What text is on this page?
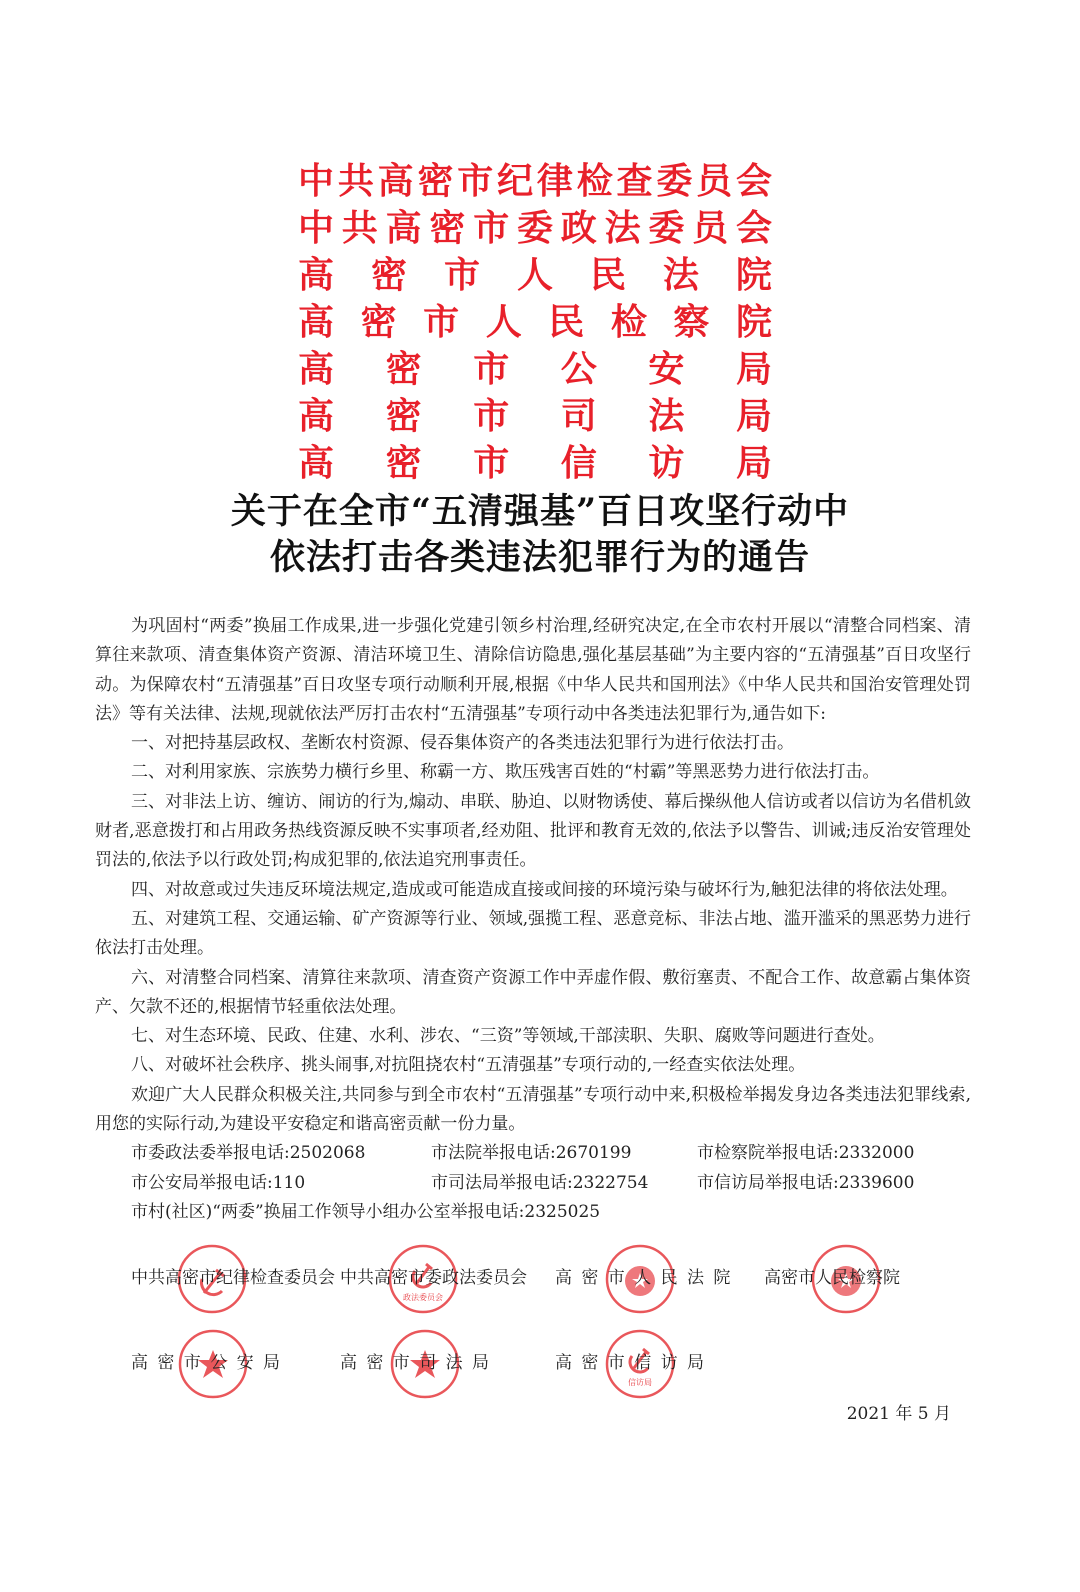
中 共 高 密 市 纪 律 检 查 委 员 会
中 共 高 密 市 委 政 法 委 员 会
高 密 市 人 民 法 院
高 密 市 人 民 检 察 院
高 密 市 公 安 局
高 密 市 司 法 局
高 密 市 信 访 局
关于在全市“五清强基”百日攻坚行动中
依法打击各类违法犯罪行为的通告

为巩固村“两委”换届工作成果,进一步强化党建引领乡村治理,经研究决定,在全市农村开展以“清整合同档案、清算往来款项、清查集体资产资源、清洁环境卫生、清除信访隐患,强化基层基础”为主要内容的“五清强基”百日攻坚行动。为保障农村“五清强基”百日攻坚专项行动顺利开展,根据《中华人民共和国刑法》《中华人民共和国治安管理处罚法》等有关法律、法规,现就依法严厉打击农村“五清强基”专项行动中各类违法犯罪行为,通告如下:

一、对把持基层政权、垄断农村资源、侵吞集体资产的各类违法犯罪行为进行依法打击。

二、对利用家族、宗族势力横行乡里、称霸一方、欺压残害百姓的“村霸”等黑恶势力进行依法打击。

三、对非法上访、缠访、闹访的行为,煽动、串联、胁迫、以财物诱使、幕后操纵他人信访或者以信访为名借机敛财者,恶意拨打和占用政务热线资源反映不实事项者,经劝阻、批评和教育无效的,依法予以警告、训诫;违反治安管理处罚法的,依法予以行政处罚;构成犯罪的,依法追究刑事责任。

四、对故意或过失违反环境法规定,造成或可能造成直接或间接的环境污染与破坏行为,触犯法律的将依法处理。

五、对建筑工程、交通运输、矿产资源等行业、领域,强揽工程、恶意竞标、非法占地、滥开滥采的黑恶势力进行依法打击处理。

六、对清整合同档案、清算往来款项、清查资产资源工作中弄虚作假、敷衍塞责、不配合工作、故意霸占集体资产、欠款不还的,根据情节轻重依法处理。

七、对生态环境、民政、住建、水利、涉农、“三资”等领域,干部渎职、失职、腐败等问题进行查处。

八、对破坏社会秩序、挑头闹事,对抗阻挠农村“五清强基”专项行动的,一经查实依法处理。

欢迎广大人民群众积极关注,共同参与到全市农村“五清强基”专项行动中来,积极检举揭发身边各类违法犯罪线索,用您的实际行动,为建设平安稳定和谐高密贡献一份力量。

市委政法委举报电话:2502068	市法院举报电话:2670199	市检察院举报电话:2332000
市公安局举报电话:110	市司法局举报电话:2322754	市信访局举报电话:2339600
市村(社区)“两委”换届工作领导小组办公室举报电话:2325025
政法委员会
中共高密市纪律检查委员会 中共高密市委政法委员会 高 密 市 人 民 法 院 高密市人民检察院
信访局
高 密 市 公 安 局	高 密 市 司 法 局	高 密 市 信 访 局
2021 年 5 月
